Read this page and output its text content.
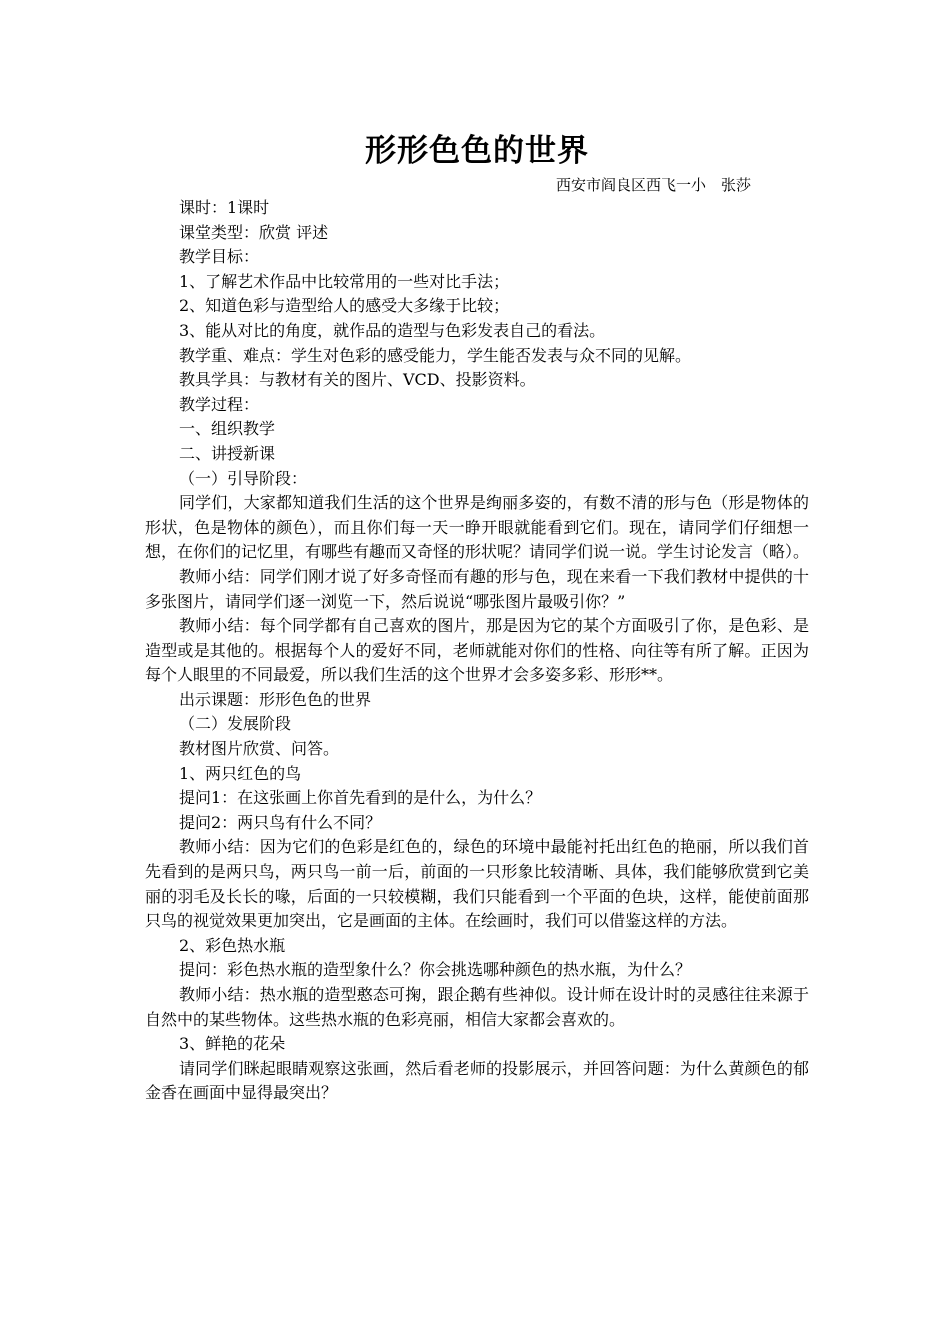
形形色色的世界

西安市阎良区西飞一小　张莎

课时：1课时

课堂类型：欣赏 评述

教学目标：

1、了解艺术作品中比较常用的一些对比手法；

2、知道色彩与造型给人的感受大多缘于比较；

3、能从对比的角度，就作品的造型与色彩发表自己的看法。

教学重、难点：学生对色彩的感受能力，学生能否发表与众不同的见解。

教具学具：与教材有关的图片、VCD、投影资料。

教学过程：

一、组织教学

二、讲授新课

（一）引导阶段：

同学们，大家都知道我们生活的这个世界是绚丽多姿的，有数不清的形与色（形是物体的形状，色是物体的颜色），而且你们每一天一睁开眼就能看到它们。现在，请同学们仔细想一想，在你们的记忆里，有哪些有趣而又奇怪的形状呢？请同学们说一说。学生讨论发言（略）。

教师小结：同学们刚才说了好多奇怪而有趣的形与色，现在来看一下我们教材中提供的十多张图片，请同学们逐一浏览一下，然后说说“哪张图片最吸引你？”

教师小结：每个同学都有自己喜欢的图片，那是因为它的某个方面吸引了你，是色彩、是造型或是其他的。根据每个人的爱好不同，老师就能对你们的性格、向往等有所了解。正因为每个人眼里的不同最爱，所以我们生活的这个世界才会多姿多彩、形形**。

出示课题：形形色色的世界

（二）发展阶段

教材图片欣赏、问答。

1、两只红色的鸟

提问1：在这张画上你首先看到的是什么，为什么？

提问2：两只鸟有什么不同？

教师小结：因为它们的色彩是红色的，绿色的环境中最能衬托出红色的艳丽，所以我们首先看到的是两只鸟，两只鸟一前一后，前面的一只形象比较清晰、具体，我们能够欣赏到它美丽的羽毛及长长的喙，后面的一只较模糊，我们只能看到一个平面的色块，这样，能使前面那只鸟的视觉效果更加突出，它是画面的主体。在绘画时，我们可以借鉴这样的方法。

2、彩色热水瓶

提问：彩色热水瓶的造型象什么？你会挑选哪种颜色的热水瓶，为什么？

教师小结：热水瓶的造型憨态可掬，跟企鹅有些神似。设计师在设计时的灵感往往来源于自然中的某些物体。这些热水瓶的色彩亮丽，相信大家都会喜欢的。

3、鲜艳的花朵

请同学们眯起眼睛观察这张画，然后看老师的投影展示，并回答问题：为什么黄颜色的郁金香在画面中显得最突出？
